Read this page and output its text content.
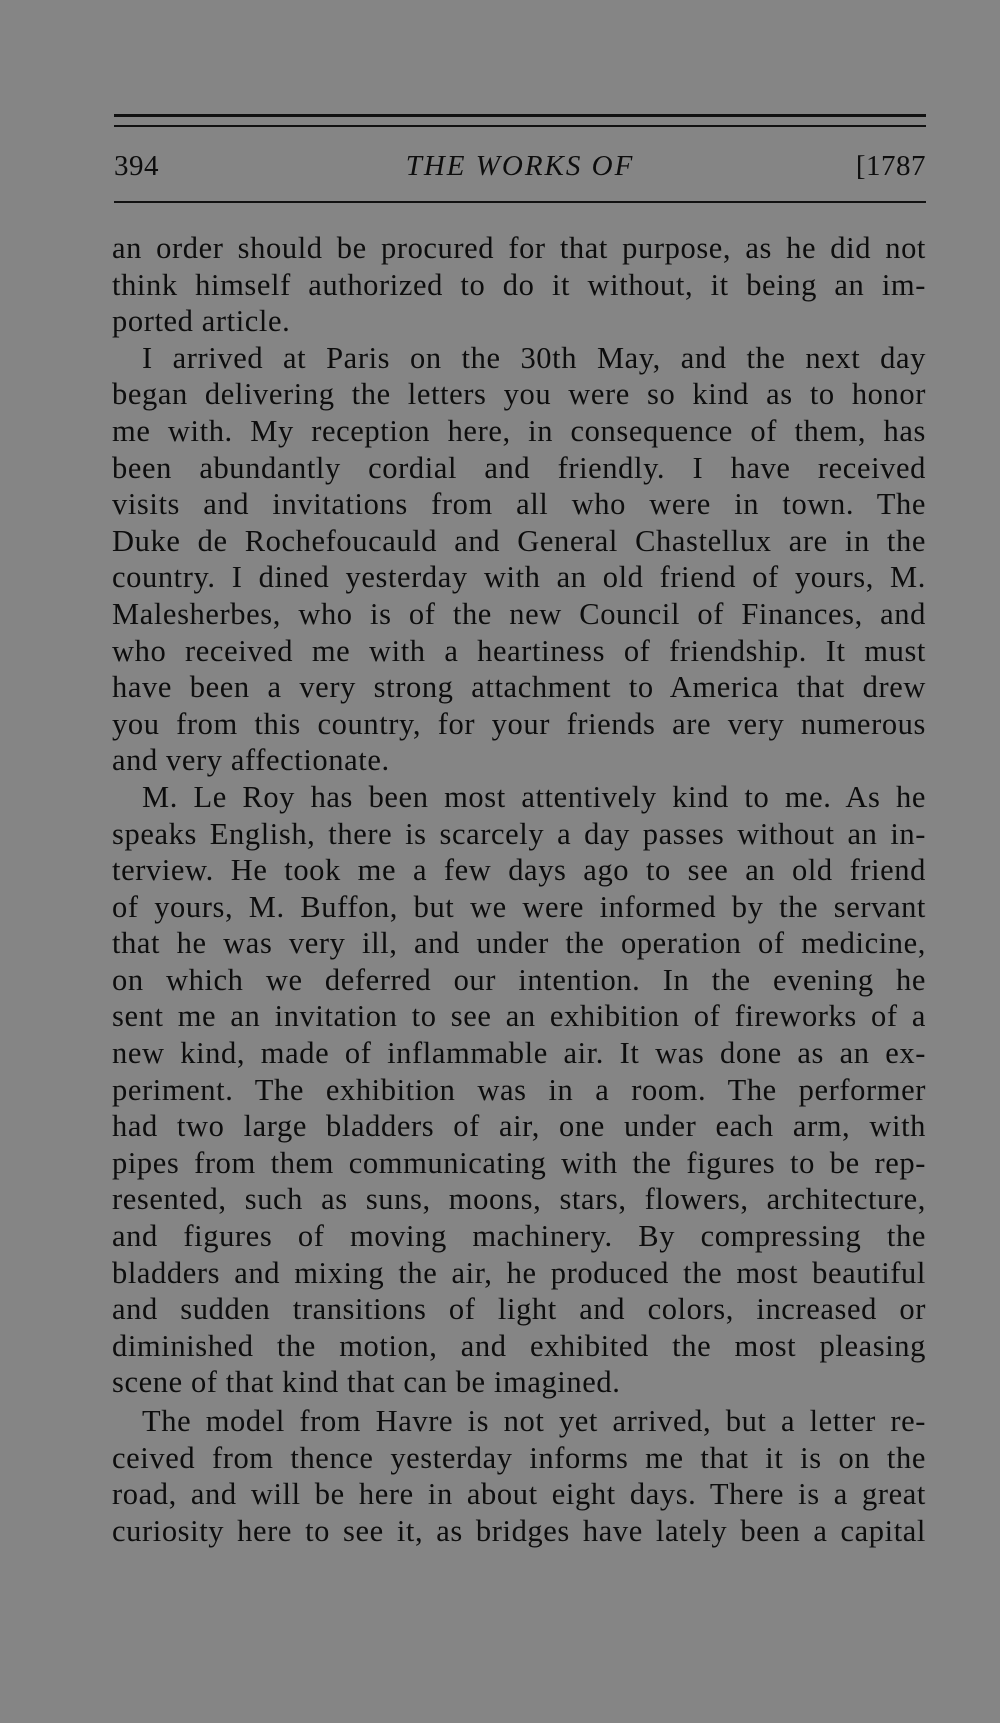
394	THE WORKS OF	[1787
an order should be procured for that purpose, as he did not
think himself authorized to do it without, it being an im-
ported article.
I arrived at Paris on the 30th May, and the next day
began delivering the letters you were so kind as to honor
me with. My reception here, in consequence of them, has
been abundantly cordial and friendly. I have received
visits and invitations from all who were in town. The
Duke de Rochefoucauld and General Chastellux are in the
country. I dined yesterday with an old friend of yours, M.
Malesherbes, who is of the new Council of Finances, and
who received me with a heartiness of friendship. It must
have been a very strong attachment to America that drew
you from this country, for your friends are very numerous
and very affectionate.
M. Le Roy has been most attentively kind to me. As he
speaks English, there is scarcely a day passes without an in-
terview. He took me a few days ago to see an old friend
of yours, M. Buffon, but we were informed by the servant
that he was very ill, and under the operation of medicine,
on which we deferred our intention. In the evening he
sent me an invitation to see an exhibition of fireworks of a
new kind, made of inflammable air. It was done as an ex-
periment. The exhibition was in a room. The performer
had two large bladders of air, one under each arm, with
pipes from them communicating with the figures to be rep-
resented, such as suns, moons, stars, flowers, architecture,
and figures of moving machinery. By compressing the
bladders and mixing the air, he produced the most beautiful
and sudden transitions of light and colors, increased or
diminished the motion, and exhibited the most pleasing
scene of that kind that can be imagined.
The model from Havre is not yet arrived, but a letter re-
ceived from thence yesterday informs me that it is on the
road, and will be here in about eight days. There is a great
curiosity here to see it, as bridges have lately been a capital
